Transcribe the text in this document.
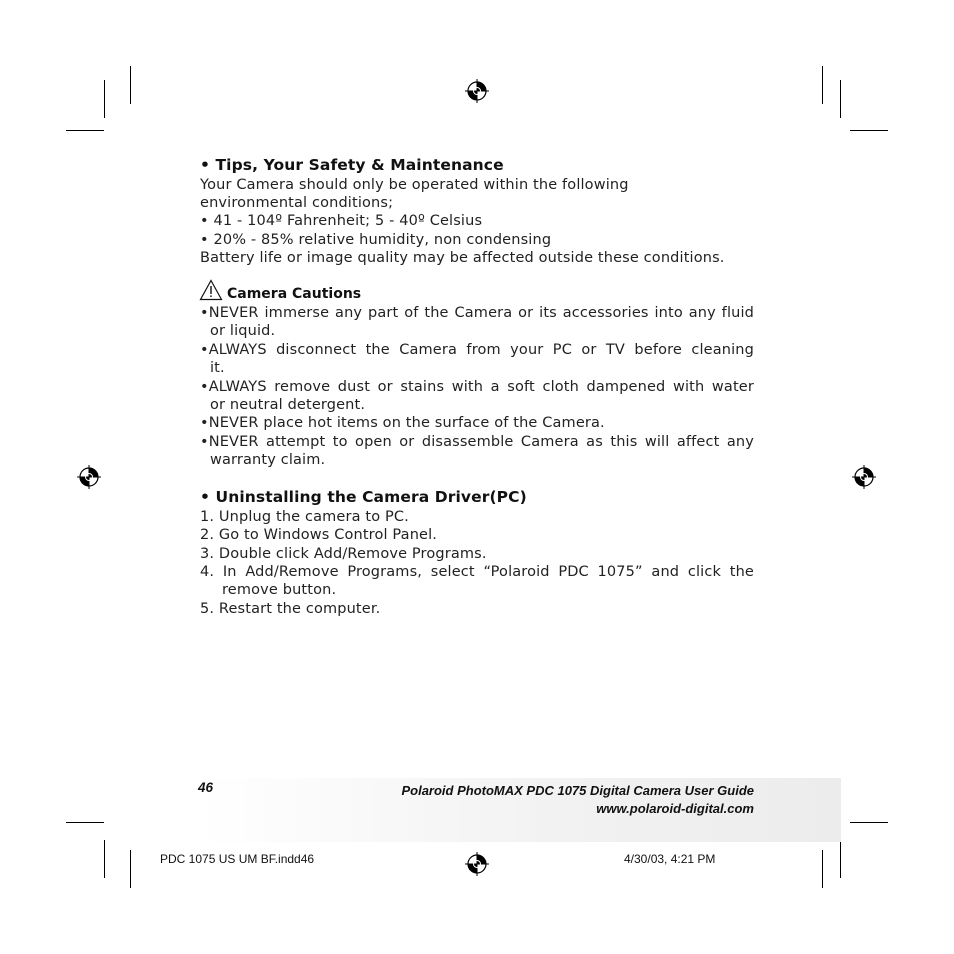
• Tips, Your Safety & Maintenance
Your Camera should only be operated within the following
environmental conditions;
• 41 - 104º Fahrenheit; 5 - 40º Celsius
• 20% - 85% relative humidity, non condensing
Battery life or image quality may be affected outside these conditions.
Camera Cautions
•NEVER immerse any part of the Camera or its accessories into any fluid
or liquid.
•ALWAYS disconnect the Camera from your PC or TV before cleaning
it.
•ALWAYS remove dust or stains with a soft cloth dampened with water
or neutral detergent.
•NEVER place hot items on the surface of the Camera.
•NEVER attempt to open or disassemble Camera as this will affect any
warranty claim.
• Uninstalling the Camera Driver(PC)
1. Unplug the camera to PC.
2. Go to Windows Control Panel.
3. Double click Add/Remove Programs.
4. In Add/Remove Programs, select “Polaroid PDC 1075” and click the
remove button.
5. Restart the computer.
46	Polaroid PhotoMAX PDC 1075 Digital Camera User Guide
www.polaroid-digital.com
PDC 1075 US UM BF.indd46	4/30/03, 4:21 PM
